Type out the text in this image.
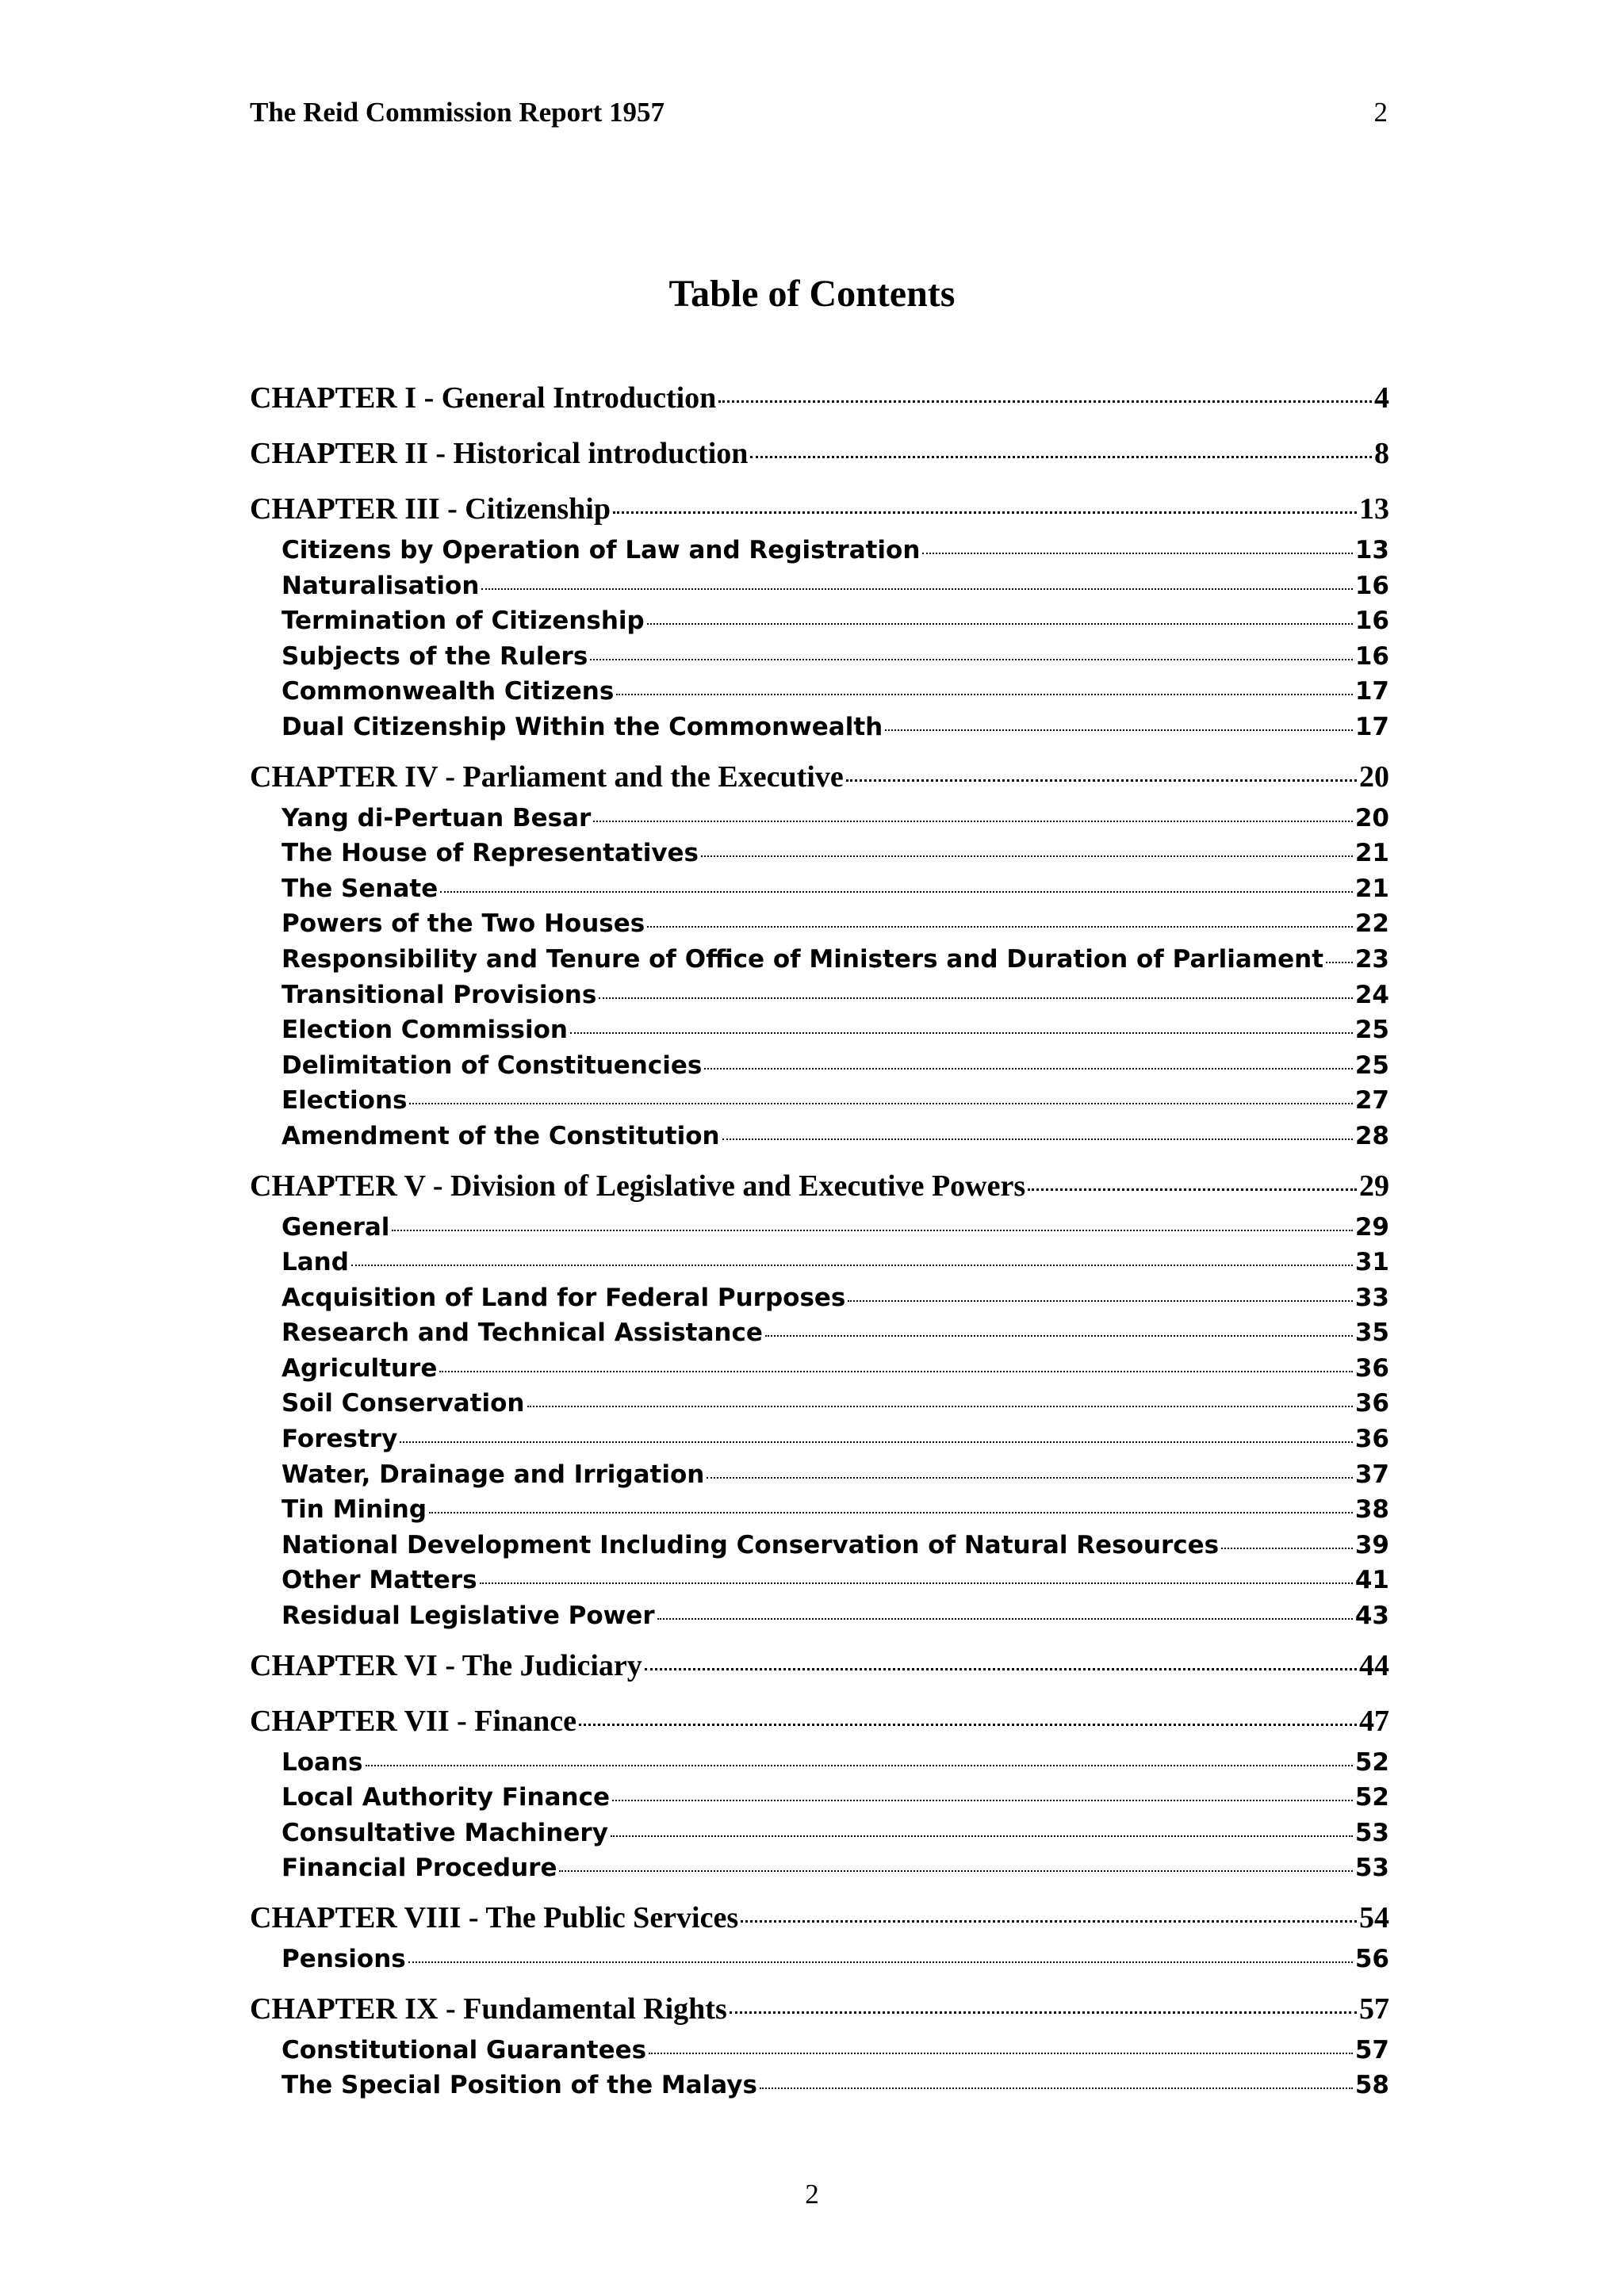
The Reid Commission Report 1957	2
Table of Contents
CHAPTER I - General Introduction	4
CHAPTER II - Historical introduction	8
CHAPTER III - Citizenship	13
Citizens by Operation of Law and Registration	13
Naturalisation	16
Termination of Citizenship	16
Subjects of the Rulers	16
Commonwealth Citizens	17
Dual Citizenship Within the Commonwealth	17
CHAPTER IV - Parliament and the Executive	20
Yang di-Pertuan Besar	20
The House of Representatives	21
The Senate	21
Powers of the Two Houses	22
Responsibility and Tenure of Office of Ministers and Duration of Parliament 23
Transitional Provisions	24
Election Commission	25
Delimitation of Constituencies	25
Elections	27
Amendment of the Constitution	28
CHAPTER V - Division of Legislative and Executive Powers	29
General	29
Land	31
Acquisition of Land for Federal Purposes	33
Research and Technical Assistance	35
Agriculture	36
Soil Conservation	36
Forestry	36
Water, Drainage and Irrigation	37
Tin Mining	38
National Development Including Conservation of Natural Resources	39
Other Matters	41
Residual Legislative Power	43
CHAPTER VI - The Judiciary	44
CHAPTER VII - Finance	47
Loans	52
Local Authority Finance	52
Consultative Machinery	53
Financial Procedure	53
CHAPTER VIII - The Public Services	54
Pensions	56
CHAPTER IX - Fundamental Rights	57
Constitutional Guarantees	57
The Special Position of the Malays	58
2
